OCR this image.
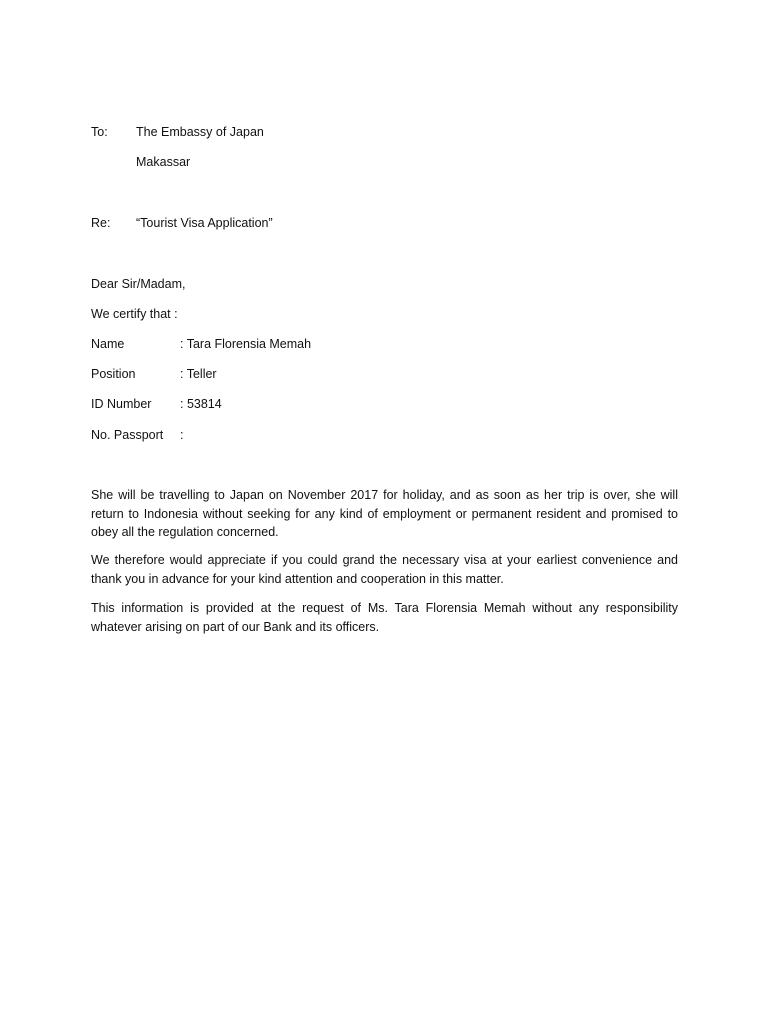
To: The Embassy of Japan
Makassar
Re: “Tourist Visa Application”
Dear Sir/Madam,
We certify that :
Name	: Tara Florensia Memah
Position	: Teller
ID Number : 53814
No. Passport :
She will be travelling to Japan on November 2017 for holiday, and as soon as her trip is over, she will return to Indonesia without seeking for any kind of employment or permanent resident and promised to obey all the regulation concerned.
We therefore would appreciate if you could grand the necessary visa at your earliest convenience and thank you in advance for your kind attention and cooperation in this matter.
This information is provided at the request of Ms. Tara Florensia Memah without any responsibility whatever arising on part of our Bank and its officers.
